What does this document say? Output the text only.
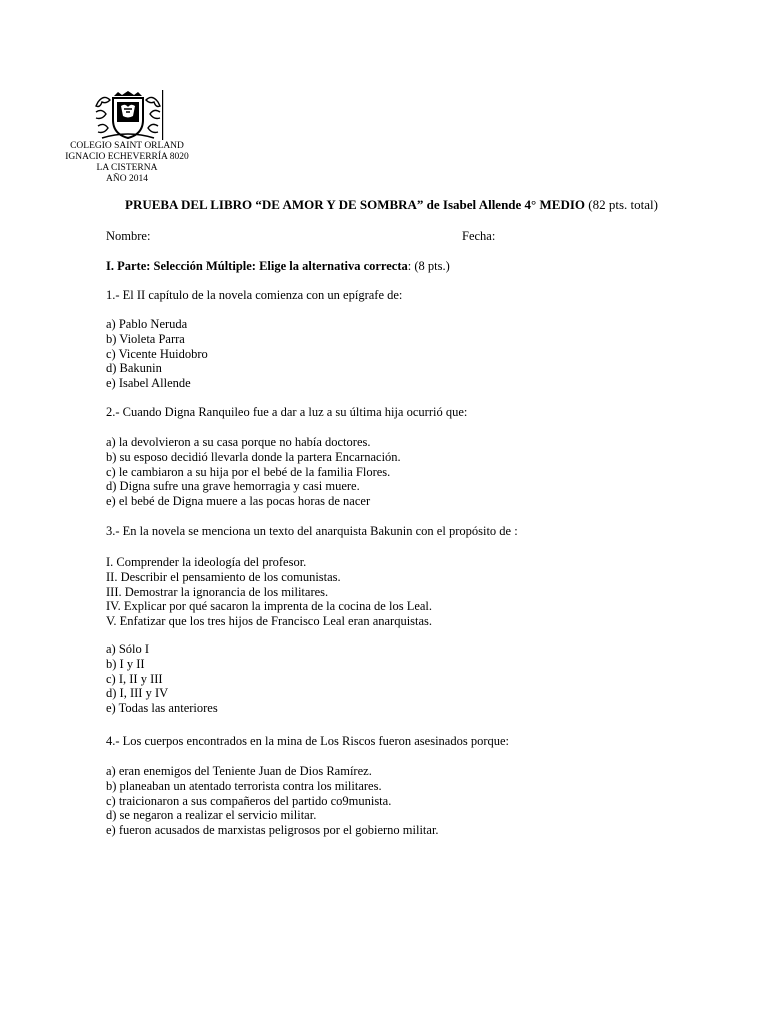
COLEGIO SAINT ORLAND
IGNACIO ECHEVERRÍA 8020
LA CISTERNA
AÑO 2014
PRUEBA DEL LIBRO “DE AMOR Y DE SOMBRA” de Isabel Allende 4° MEDIO (82 pts. total)
Nombre:	Fecha:
I. Parte: Selección Múltiple: Elige la alternativa correcta: (8 pts.)
1.- El II capítulo de la novela comienza con un epígrafe de:
a) Pablo Neruda
b) Violeta Parra
c) Vicente Huidobro
d) Bakunin
e) Isabel Allende
2.- Cuando Digna Ranquileo fue a dar a luz a su última hija ocurrió que:
a) la devolvieron a su casa porque no había doctores.
b) su esposo decidió llevarla donde la partera Encarnación.
c) le cambiaron a su hija por el bebé de la familia Flores.
d) Digna sufre una grave hemorragia y casi muere.
e) el bebé de Digna muere a las pocas horas de nacer
3.- En la novela se menciona un texto del anarquista Bakunin con el propósito de :
I. Comprender la ideología del profesor.
II. Describir el pensamiento de los comunistas.
III. Demostrar la ignorancia de los militares.
IV. Explicar por qué sacaron la imprenta de la cocina de los Leal.
V. Enfatizar que los tres hijos de Francisco Leal eran anarquistas.
a) Sólo I
b) I y II
c) I, II y III
d) I, III y IV
e) Todas las anteriores
4.- Los cuerpos encontrados en la mina de Los Riscos fueron asesinados porque:
a) eran enemigos del Teniente Juan de Dios Ramírez.
b) planeaban un atentado terrorista contra los militares.
c) traicionaron a sus compañeros del partido co9munista.
d) se negaron a realizar el servicio militar.
e) fueron acusados de marxistas peligrosos por el gobierno militar.
